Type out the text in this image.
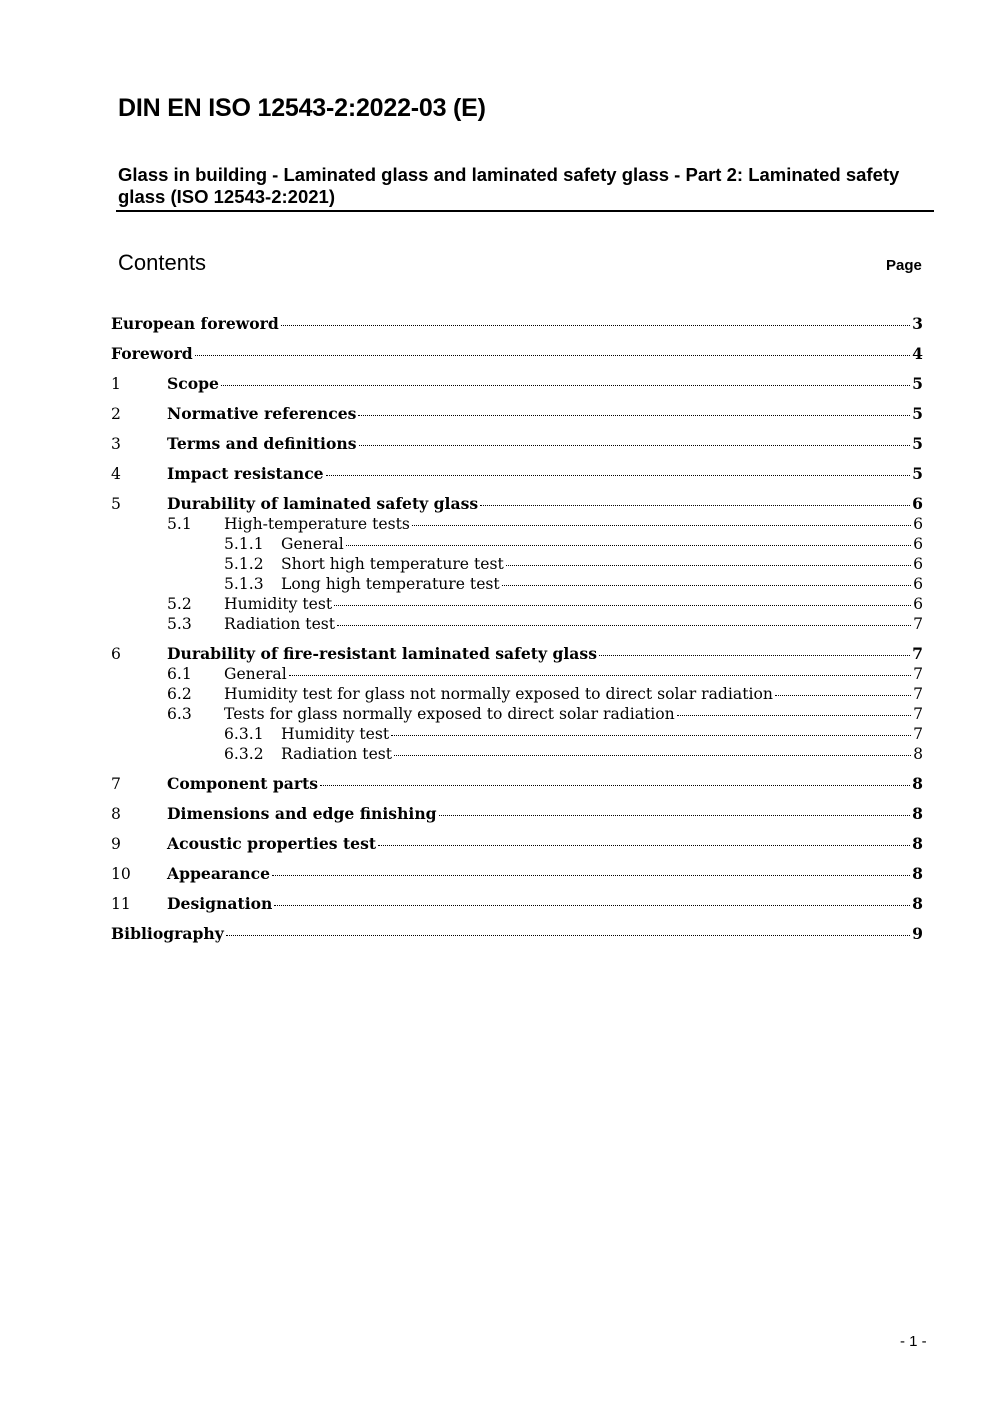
DIN EN ISO 12543-2:2022-03 (E)
Glass in building - Laminated glass and laminated safety glass - Part 2: Laminated safety glass (ISO 12543-2:2021)
Contents	Page
European foreword	3
Foreword	4
1	Scope	5
2	Normative references	5
3	Terms and definitions	5
4	Impact resistance	5
5	Durability of laminated safety glass	6
5.1	High-temperature tests	6
5.1.1	General	6
5.1.2	Short high temperature test	6
5.1.3	Long high temperature test	6
5.2	Humidity test	6
5.3	Radiation test	7
6	Durability of fire-resistant laminated safety glass	7
6.1	General	7
6.2	Humidity test for glass not normally exposed to direct solar radiation	7
6.3	Tests for glass normally exposed to direct solar radiation	7
6.3.1	Humidity test	7
6.3.2	Radiation test	8
7	Component parts	8
8	Dimensions and edge finishing	8
9	Acoustic properties test	8
10	Appearance	8
11	Designation	8
Bibliography	9
- 1 -
